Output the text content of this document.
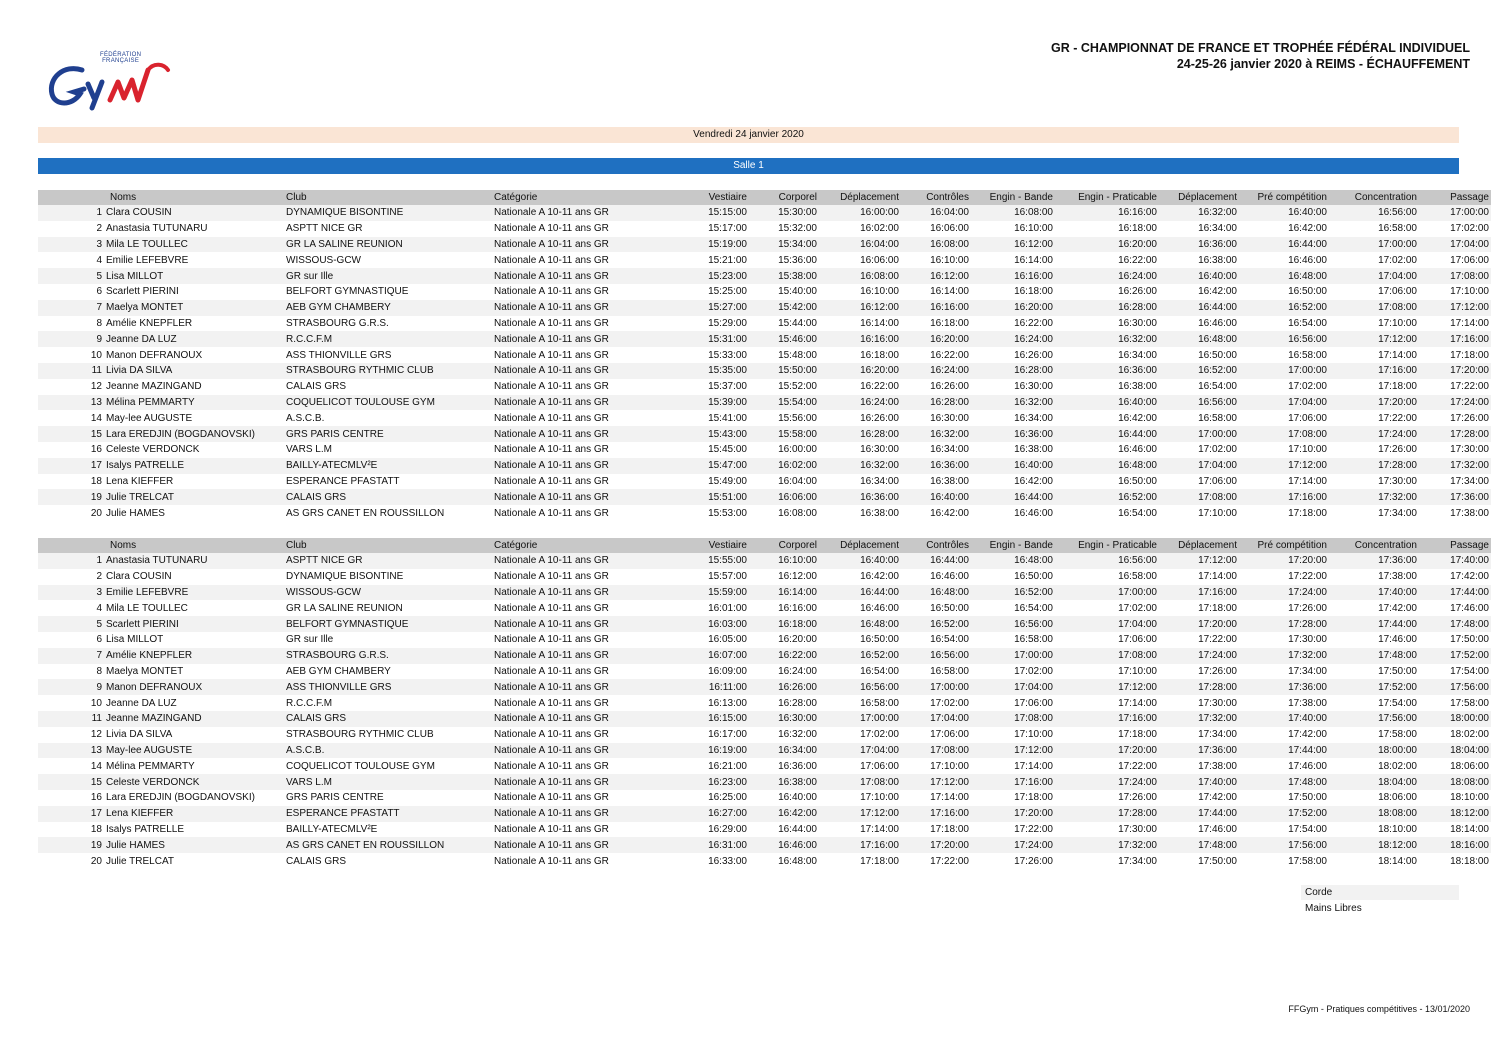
FÉDÉRATION
FRANÇAISE
GR - CHAMPIONNAT DE FRANCE ET TROPHÉE FÉDÉRAL INDIVIDUEL
24-25-26 janvier 2020 à REIMS - ÉCHAUFFEMENT
Vendredi 24 janvier 2020
Salle 1
Noms		Club	Catégorie	Vestiaire	Corporel	Déplacement	Contrôles	Engin - Bande	Engin - Praticable	Déplacement	Pré compétition	Concentration	Passage
1	Clara COUSIN	DYNAMIQUE BISONTINE	Nationale A 10-11 ans GR	15:15:00	15:30:00	16:00:00	16:04:00	16:08:00	16:16:00	16:32:00	16:40:00	16:56:00	17:00:00
2	Anastasia TUTUNARU	ASPTT NICE GR	Nationale A 10-11 ans GR	15:17:00	15:32:00	16:02:00	16:06:00	16:10:00	16:18:00	16:34:00	16:42:00	16:58:00	17:02:00
3	Mila LE TOULLEC	GR LA SALINE REUNION	Nationale A 10-11 ans GR	15:19:00	15:34:00	16:04:00	16:08:00	16:12:00	16:20:00	16:36:00	16:44:00	17:00:00	17:04:00
4	Emilie LEFEBVRE	WISSOUS-GCW	Nationale A 10-11 ans GR	15:21:00	15:36:00	16:06:00	16:10:00	16:14:00	16:22:00	16:38:00	16:46:00	17:02:00	17:06:00
5	Lisa MILLOT	GR sur Ille	Nationale A 10-11 ans GR	15:23:00	15:38:00	16:08:00	16:12:00	16:16:00	16:24:00	16:40:00	16:48:00	17:04:00	17:08:00
6	Scarlett PIERINI	BELFORT GYMNASTIQUE	Nationale A 10-11 ans GR	15:25:00	15:40:00	16:10:00	16:14:00	16:18:00	16:26:00	16:42:00	16:50:00	17:06:00	17:10:00
7	Maelya MONTET	AEB GYM CHAMBERY	Nationale A 10-11 ans GR	15:27:00	15:42:00	16:12:00	16:16:00	16:20:00	16:28:00	16:44:00	16:52:00	17:08:00	17:12:00
8	Amélie KNEPFLER	STRASBOURG G.R.S.	Nationale A 10-11 ans GR	15:29:00	15:44:00	16:14:00	16:18:00	16:22:00	16:30:00	16:46:00	16:54:00	17:10:00	17:14:00
9	Jeanne DA LUZ	R.C.C.F.M	Nationale A 10-11 ans GR	15:31:00	15:46:00	16:16:00	16:20:00	16:24:00	16:32:00	16:48:00	16:56:00	17:12:00	17:16:00
10	Manon DEFRANOUX	ASS THIONVILLE GRS	Nationale A 10-11 ans GR	15:33:00	15:48:00	16:18:00	16:22:00	16:26:00	16:34:00	16:50:00	16:58:00	17:14:00	17:18:00
11	Livia DA SILVA	STRASBOURG RYTHMIC CLUB	Nationale A 10-11 ans GR	15:35:00	15:50:00	16:20:00	16:24:00	16:28:00	16:36:00	16:52:00	17:00:00	17:16:00	17:20:00
12	Jeanne MAZINGAND	CALAIS GRS	Nationale A 10-11 ans GR	15:37:00	15:52:00	16:22:00	16:26:00	16:30:00	16:38:00	16:54:00	17:02:00	17:18:00	17:22:00
13	Mélina PEMMARTY	COQUELICOT TOULOUSE GYM	Nationale A 10-11 ans GR	15:39:00	15:54:00	16:24:00	16:28:00	16:32:00	16:40:00	16:56:00	17:04:00	17:20:00	17:24:00
14	May-lee AUGUSTE	A.S.C.B.	Nationale A 10-11 ans GR	15:41:00	15:56:00	16:26:00	16:30:00	16:34:00	16:42:00	16:58:00	17:06:00	17:22:00	17:26:00
15	Lara EREDJIN (BOGDANOVSKI)	GRS PARIS CENTRE	Nationale A 10-11 ans GR	15:43:00	15:58:00	16:28:00	16:32:00	16:36:00	16:44:00	17:00:00	17:08:00	17:24:00	17:28:00
16	Celeste VERDONCK	VARS L.M	Nationale A 10-11 ans GR	15:45:00	16:00:00	16:30:00	16:34:00	16:38:00	16:46:00	17:02:00	17:10:00	17:26:00	17:30:00
17	Isalys PATRELLE	BAILLY-ATECMLV²E	Nationale A 10-11 ans GR	15:47:00	16:02:00	16:32:00	16:36:00	16:40:00	16:48:00	17:04:00	17:12:00	17:28:00	17:32:00
18	Lena KIEFFER	ESPERANCE PFASTATT	Nationale A 10-11 ans GR	15:49:00	16:04:00	16:34:00	16:38:00	16:42:00	16:50:00	17:06:00	17:14:00	17:30:00	17:34:00
19	Julie TRELCAT	CALAIS GRS	Nationale A 10-11 ans GR	15:51:00	16:06:00	16:36:00	16:40:00	16:44:00	16:52:00	17:08:00	17:16:00	17:32:00	17:36:00
20	Julie HAMES	AS GRS CANET EN ROUSSILLON	Nationale A 10-11 ans GR	15:53:00	16:08:00	16:38:00	16:42:00	16:46:00	16:54:00	17:10:00	17:18:00	17:34:00	17:38:00
Noms		Club	Catégorie	Vestiaire	Corporel	Déplacement	Contrôles	Engin - Bande	Engin - Praticable	Déplacement	Pré compétition	Concentration	Passage
1	Anastasia TUTUNARU	ASPTT NICE GR	Nationale A 10-11 ans GR	15:55:00	16:10:00	16:40:00	16:44:00	16:48:00	16:56:00	17:12:00	17:20:00	17:36:00	17:40:00
2	Clara COUSIN	DYNAMIQUE BISONTINE	Nationale A 10-11 ans GR	15:57:00	16:12:00	16:42:00	16:46:00	16:50:00	16:58:00	17:14:00	17:22:00	17:38:00	17:42:00
3	Emilie LEFEBVRE	WISSOUS-GCW	Nationale A 10-11 ans GR	15:59:00	16:14:00	16:44:00	16:48:00	16:52:00	17:00:00	17:16:00	17:24:00	17:40:00	17:44:00
4	Mila LE TOULLEC	GR LA SALINE REUNION	Nationale A 10-11 ans GR	16:01:00	16:16:00	16:46:00	16:50:00	16:54:00	17:02:00	17:18:00	17:26:00	17:42:00	17:46:00
5	Scarlett PIERINI	BELFORT GYMNASTIQUE	Nationale A 10-11 ans GR	16:03:00	16:18:00	16:48:00	16:52:00	16:56:00	17:04:00	17:20:00	17:28:00	17:44:00	17:48:00
6	Lisa MILLOT	GR sur Ille	Nationale A 10-11 ans GR	16:05:00	16:20:00	16:50:00	16:54:00	16:58:00	17:06:00	17:22:00	17:30:00	17:46:00	17:50:00
7	Amélie KNEPFLER	STRASBOURG G.R.S.	Nationale A 10-11 ans GR	16:07:00	16:22:00	16:52:00	16:56:00	17:00:00	17:08:00	17:24:00	17:32:00	17:48:00	17:52:00
8	Maelya MONTET	AEB GYM CHAMBERY	Nationale A 10-11 ans GR	16:09:00	16:24:00	16:54:00	16:58:00	17:02:00	17:10:00	17:26:00	17:34:00	17:50:00	17:54:00
9	Manon DEFRANOUX	ASS THIONVILLE GRS	Nationale A 10-11 ans GR	16:11:00	16:26:00	16:56:00	17:00:00	17:04:00	17:12:00	17:28:00	17:36:00	17:52:00	17:56:00
10	Jeanne DA LUZ	R.C.C.F.M	Nationale A 10-11 ans GR	16:13:00	16:28:00	16:58:00	17:02:00	17:06:00	17:14:00	17:30:00	17:38:00	17:54:00	17:58:00
11	Jeanne MAZINGAND	CALAIS GRS	Nationale A 10-11 ans GR	16:15:00	16:30:00	17:00:00	17:04:00	17:08:00	17:16:00	17:32:00	17:40:00	17:56:00	18:00:00
12	Livia DA SILVA	STRASBOURG RYTHMIC CLUB	Nationale A 10-11 ans GR	16:17:00	16:32:00	17:02:00	17:06:00	17:10:00	17:18:00	17:34:00	17:42:00	17:58:00	18:02:00
13	May-lee AUGUSTE	A.S.C.B.	Nationale A 10-11 ans GR	16:19:00	16:34:00	17:04:00	17:08:00	17:12:00	17:20:00	17:36:00	17:44:00	18:00:00	18:04:00
14	Mélina PEMMARTY	COQUELICOT TOULOUSE GYM	Nationale A 10-11 ans GR	16:21:00	16:36:00	17:06:00	17:10:00	17:14:00	17:22:00	17:38:00	17:46:00	18:02:00	18:06:00
15	Celeste VERDONCK	VARS L.M	Nationale A 10-11 ans GR	16:23:00	16:38:00	17:08:00	17:12:00	17:16:00	17:24:00	17:40:00	17:48:00	18:04:00	18:08:00
16	Lara EREDJIN (BOGDANOVSKI)	GRS PARIS CENTRE	Nationale A 10-11 ans GR	16:25:00	16:40:00	17:10:00	17:14:00	17:18:00	17:26:00	17:42:00	17:50:00	18:06:00	18:10:00
17	Lena KIEFFER	ESPERANCE PFASTATT	Nationale A 10-11 ans GR	16:27:00	16:42:00	17:12:00	17:16:00	17:20:00	17:28:00	17:44:00	17:52:00	18:08:00	18:12:00
18	Isalys PATRELLE	BAILLY-ATECMLV²E	Nationale A 10-11 ans GR	16:29:00	16:44:00	17:14:00	17:18:00	17:22:00	17:30:00	17:46:00	17:54:00	18:10:00	18:14:00
19	Julie HAMES	AS GRS CANET EN ROUSSILLON	Nationale A 10-11 ans GR	16:31:00	16:46:00	17:16:00	17:20:00	17:24:00	17:32:00	17:48:00	17:56:00	18:12:00	18:16:00
20	Julie TRELCAT	CALAIS GRS	Nationale A 10-11 ans GR	16:33:00	16:48:00	17:18:00	17:22:00	17:26:00	17:34:00	17:50:00	17:58:00	18:14:00	18:18:00
Corde
Mains Libres
FFGym - Pratiques compétitives - 13/01/2020
